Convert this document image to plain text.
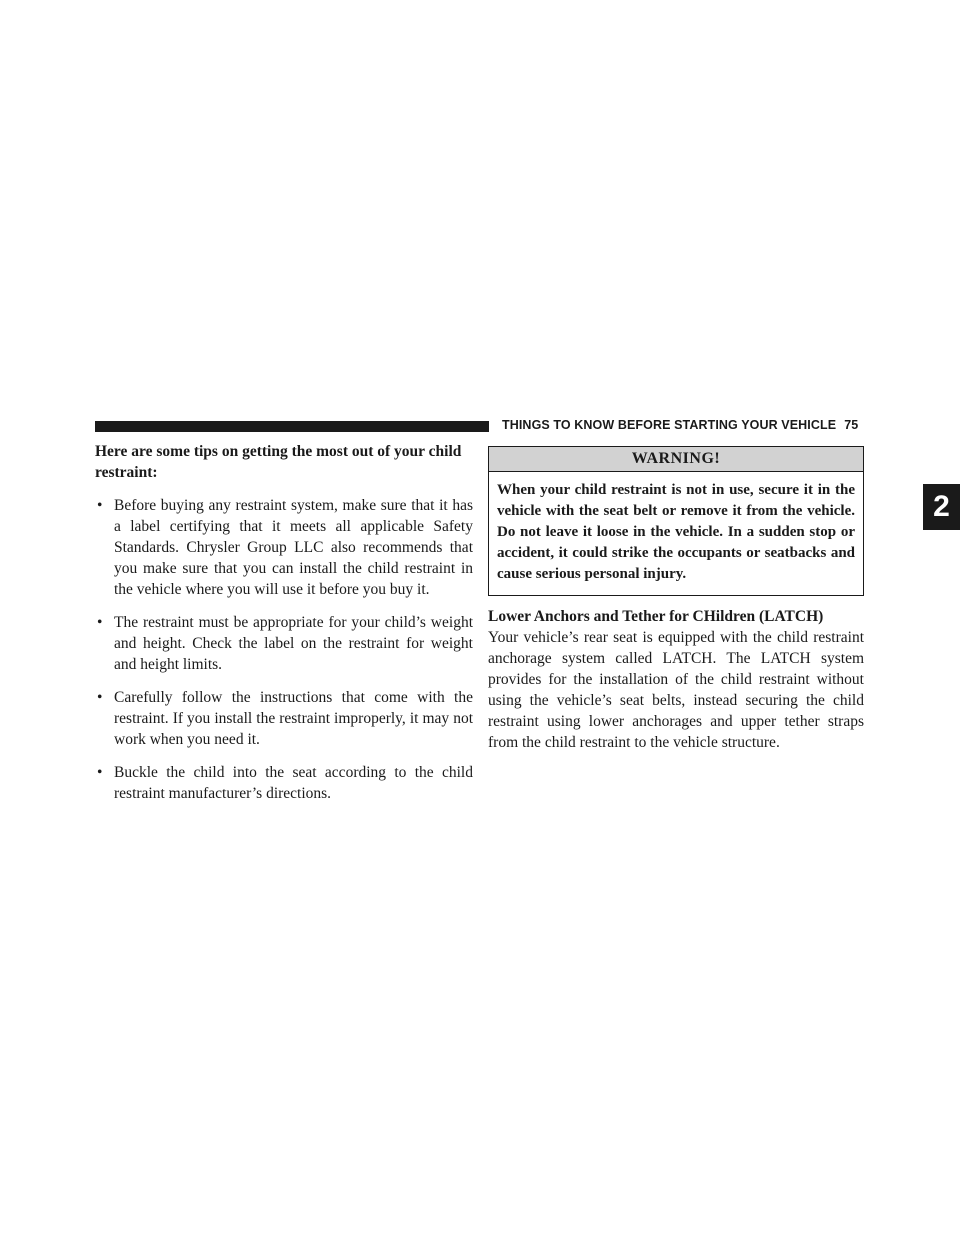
THINGS TO KNOW BEFORE STARTING YOUR VEHICLE 75
2

Here are some tips on getting the most out of your child restraint:

• Before buying any restraint system, make sure that it has a label certifying that it meets all applicable Safety Standards. Chrysler Group LLC also recommends that you make sure that you can install the child restraint in the vehicle where you will use it before you buy it.
• The restraint must be appropriate for your child’s weight and height. Check the label on the restraint for weight and height limits.
• Carefully follow the instructions that come with the restraint. If you install the restraint improperly, it may not work when you need it.
• Buckle the child into the seat according to the child restraint manufacturer’s directions.
WARNING!
When your child restraint is not in use, secure it in the vehicle with the seat belt or remove it from the vehicle. Do not leave it loose in the vehicle. In a sudden stop or accident, it could strike the occupants or seatbacks and cause serious personal injury.

Lower Anchors and Tether for CHildren (LATCH)

Your vehicle’s rear seat is equipped with the child restraint anchorage system called LATCH. The LATCH system provides for the installation of the child restraint without using the vehicle’s seat belts, instead securing the child restraint using lower anchorages and upper tether straps from the child restraint to the vehicle structure.
